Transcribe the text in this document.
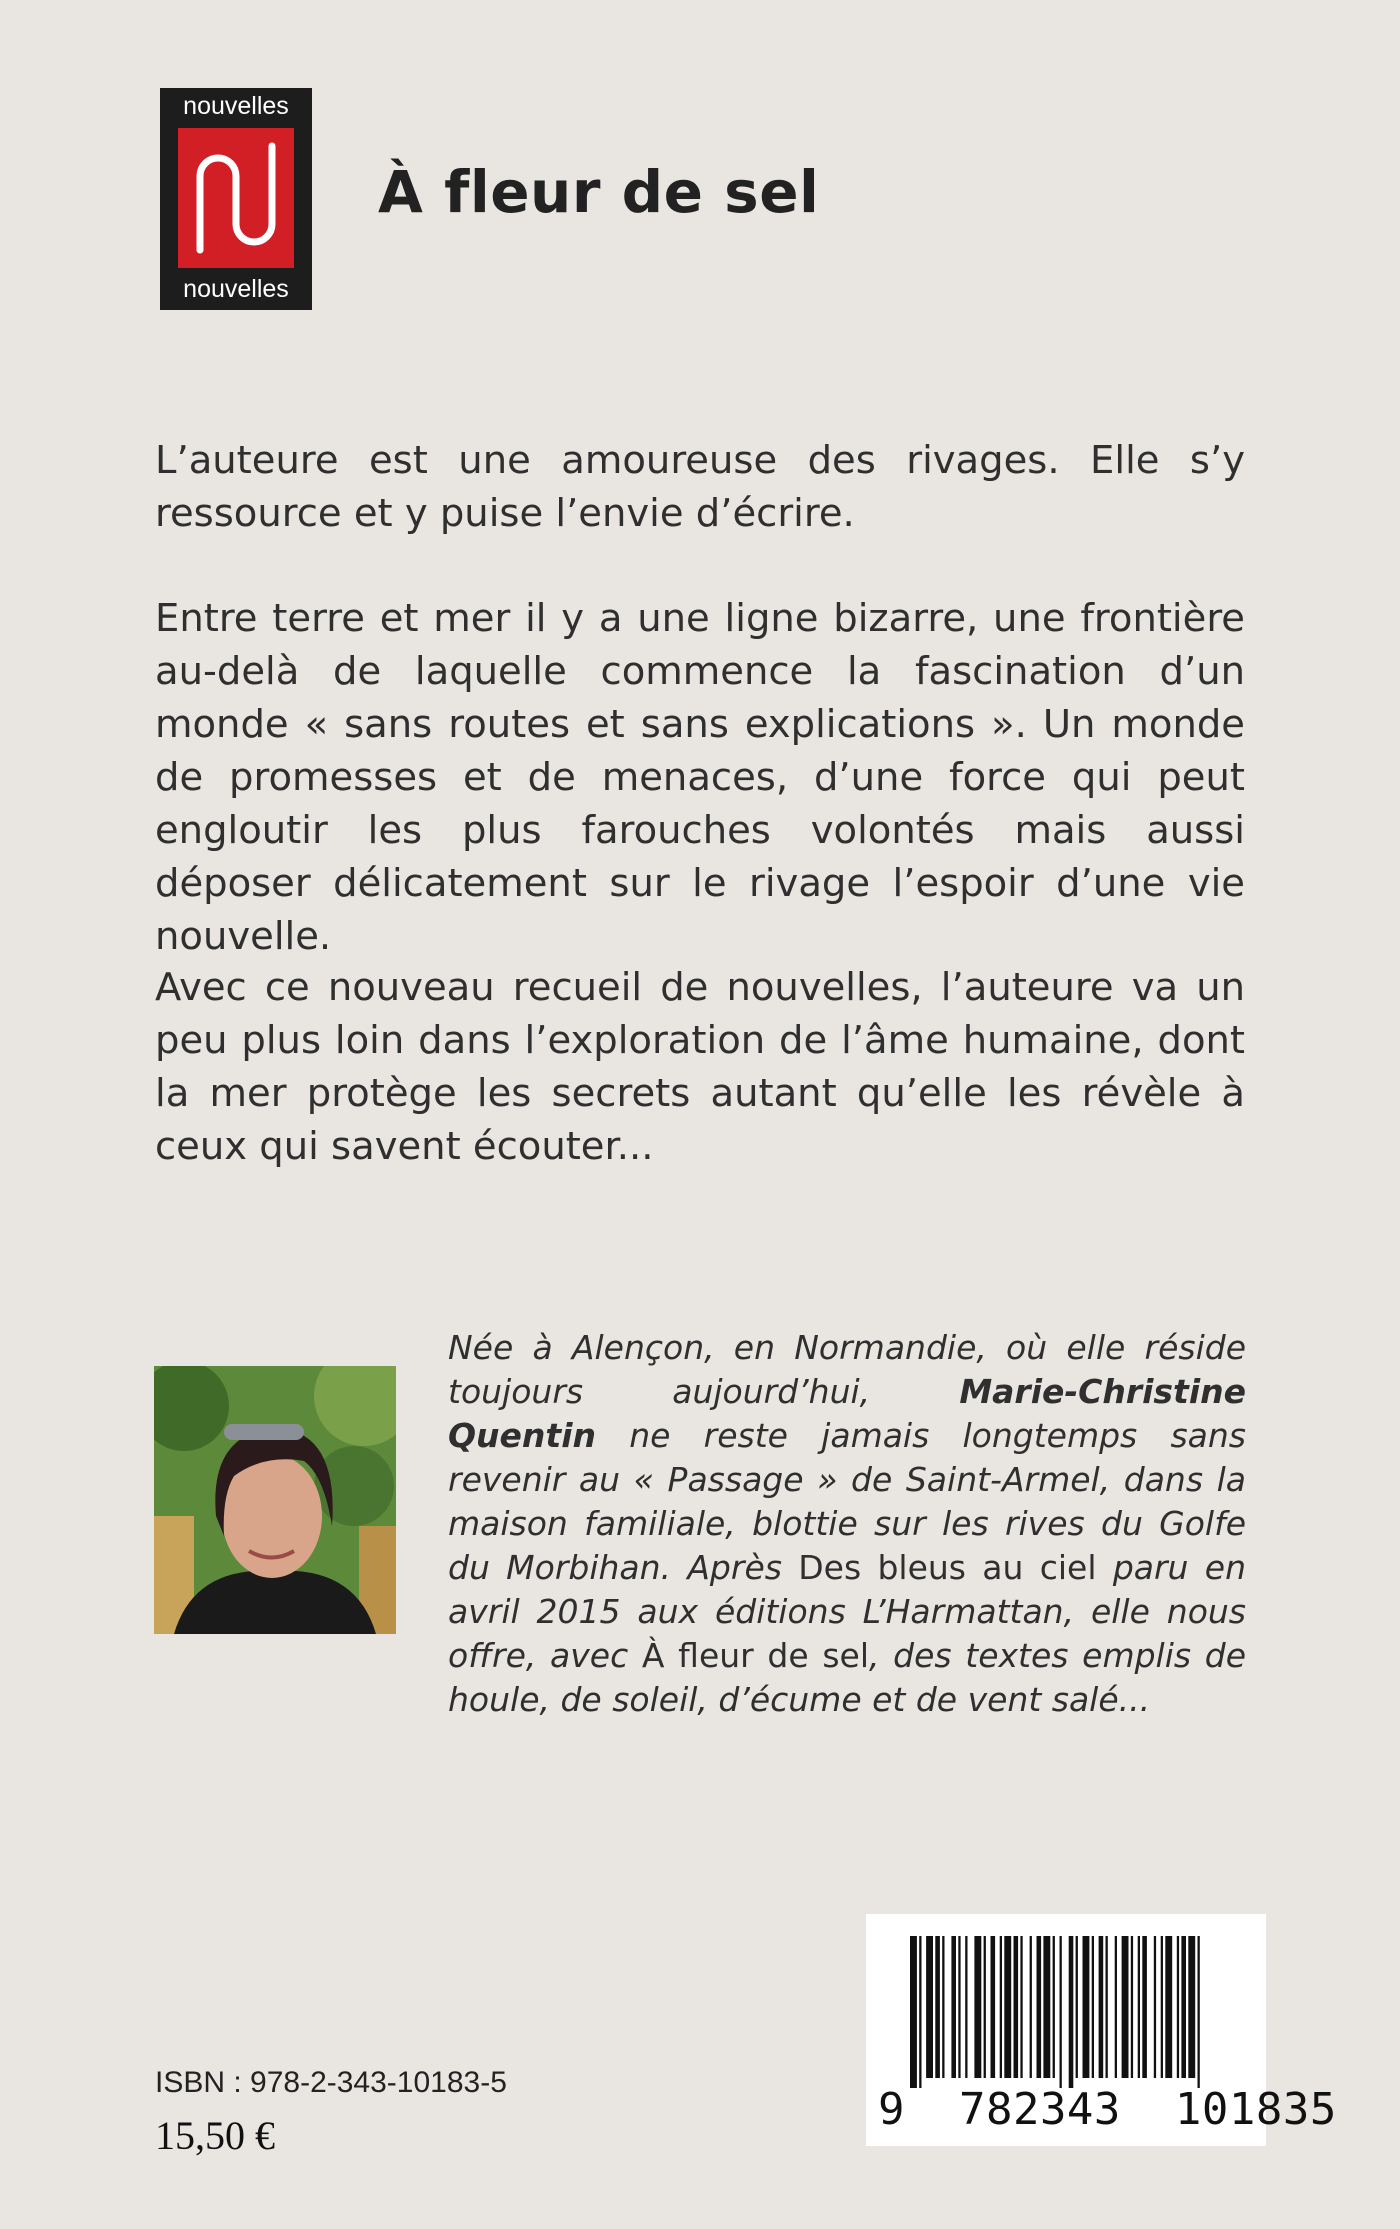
nouvelles
nouvelles
À fleur de sel
L’auteure est une amoureuse des rivages. Elle s’y ressource et y puise l’envie d’écrire.
Entre terre et mer il y a une ligne bizarre, une frontière au-delà de laquelle commence la fascination d’un monde « sans routes et sans explications ». Un monde de promesses et de menaces, d’une force qui peut engloutir les plus farouches volontés mais aussi déposer délicatement sur le rivage l’espoir d’une vie nouvelle.
Avec ce nouveau recueil de nouvelles, l’auteure va un peu plus loin dans l’exploration de l’âme humaine, dont la mer protège les secrets autant qu’elle les révèle à ceux qui savent écouter...
Née à Alençon, en Normandie, où elle réside toujours aujourd’hui, Marie-Christine Quentin ne reste jamais longtemps sans revenir au « Passage » de Saint-Armel, dans la maison familiale, blottie sur les rives du Golfe du Morbihan. Après Des bleus au ciel paru en avril 2015 aux éditions L’Harmattan, elle nous offre, avec À fleur de sel, des textes emplis de houle, de soleil, d’écume et de vent salé...
ISBN : 978-2-343-10183-5
15,50 €
9  782343  101835
